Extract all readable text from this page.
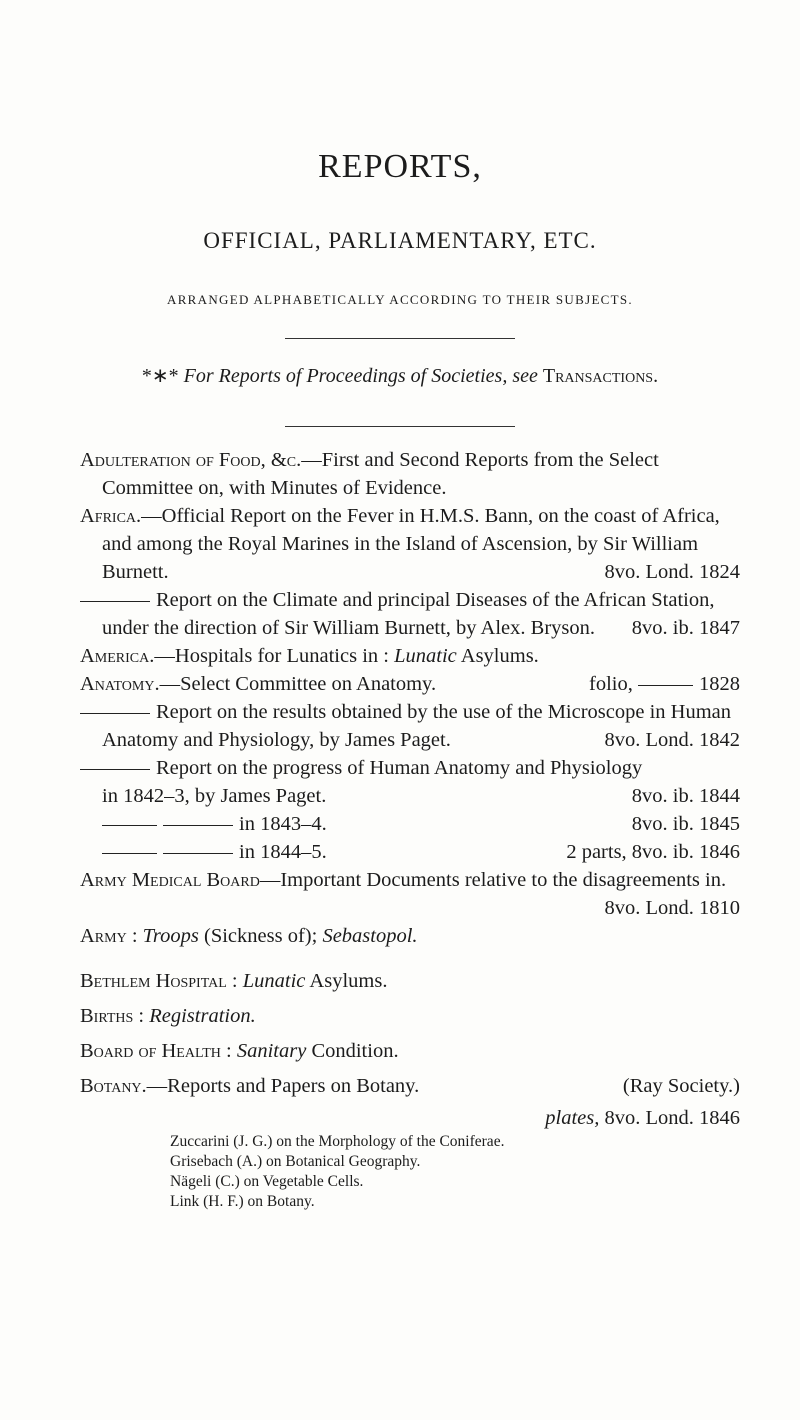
REPORTS,
OFFICIAL, PARLIAMENTARY, ETC.
ARRANGED ALPHABETICALLY ACCORDING TO THEIR SUBJECTS.
*∗* For Reports of Proceedings of Societies, see Transactions.

Adulteration of Food, &c.—First and Second Reports from the Select Committee on, with Minutes of Evidence.

Africa.—Official Report on the Fever in H.M.S. Bann, on the coast of Africa, and among the Royal Marines in the Island of Ascension, by Sir William Burnett.	8vo. Lond. 1824

Report on the Climate and principal Diseases of the African Station, under the direction of Sir William Burnett, by Alex. Bryson. 8vo. ib. 1847

America.—Hospitals for Lunatics in : Lunatic Asylums.

Anatomy.—Select Committee on Anatomy.	folio,	1828

Report on the results obtained by the use of the Microscope in Human Anatomy and Physiology, by James Paget.	8vo. Lond. 1842

Report on the progress of Human Anatomy and Physiology

in 1842–3, by James Paget.	8vo. ib. 1844
in 1843–4.	8vo. ib. 1845
in 1844–5.	2 parts, 8vo. ib. 1846

Army Medical Board—Important Documents relative to the disagreements in.
8vo. Lond. 1810

Army : Troops (Sickness of); Sebastopol.

Bethlem Hospital : Lunatic Asylums.

Births : Registration.

Board of Health : Sanitary Condition.

Botany.—Reports and Papers on Botany.	(Ray Society.)
plates, 8vo. Lond. 1846
Zuccarini (J. G.) on the Morphology of the Coniferae.
Grisebach (A.) on Botanical Geography.
Nägeli (C.) on Vegetable Cells.
Link (H. F.) on Botany.
